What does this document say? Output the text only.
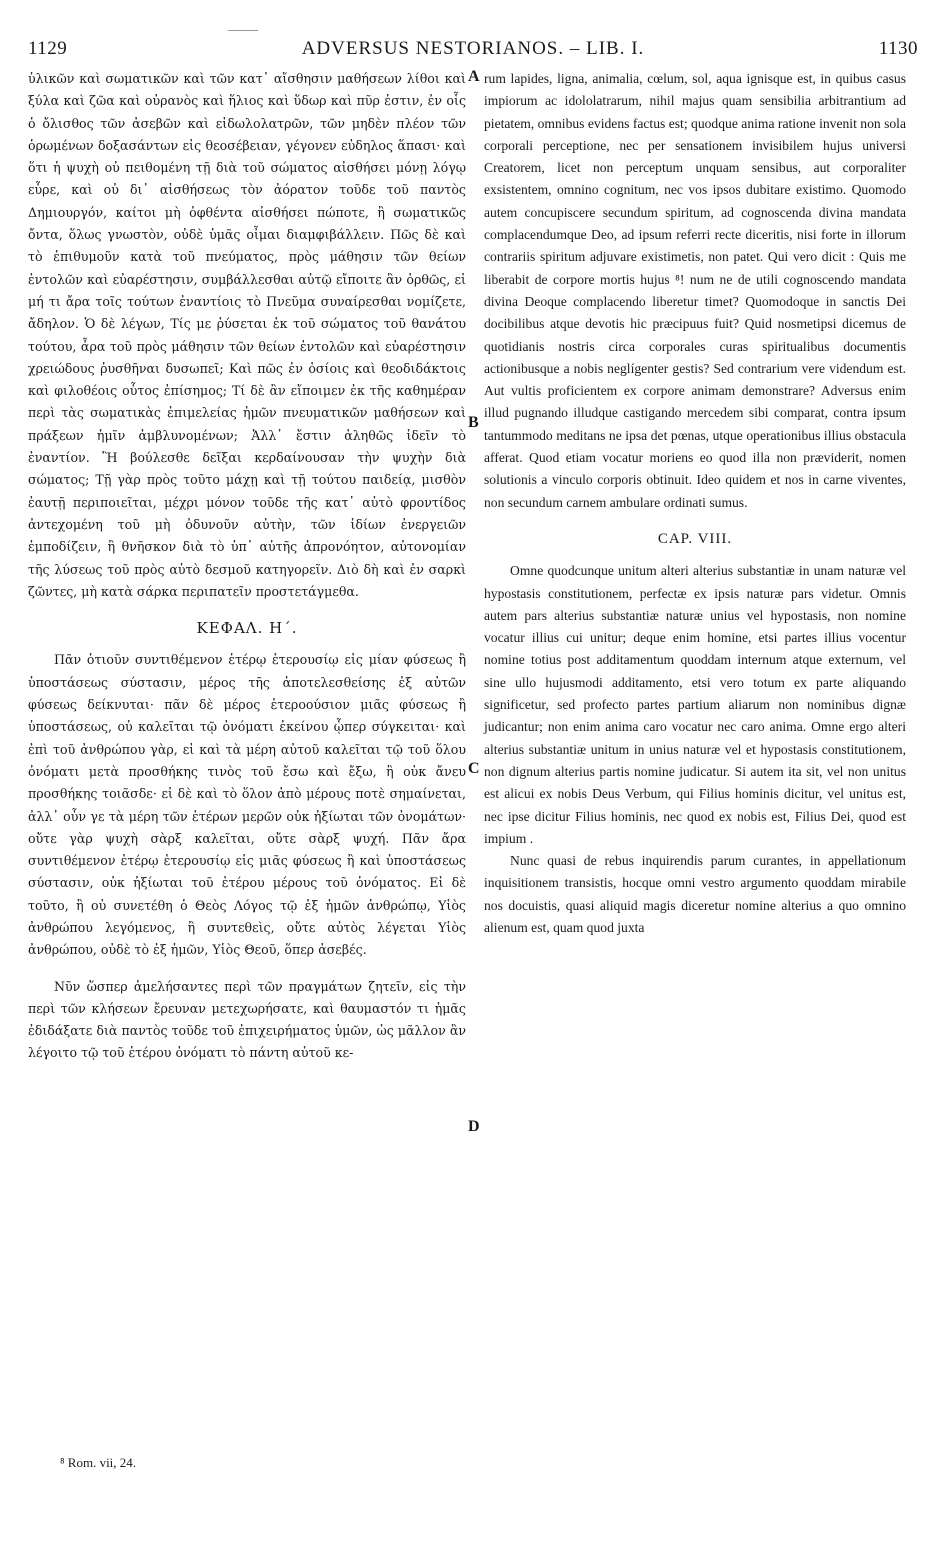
1129	ADVERSUS NESTORIANOS. – LIB. I.	1130

ὑλικῶν καὶ σωματικῶν καὶ τῶν κατ᾽ αἴσθησιν μαθήσεων λίθοι καὶ ξύλα καὶ ζῶα καὶ οὐρανὸς καὶ ἥλιος καὶ ὕδωρ καὶ πῦρ ἐστιν, ἐν οἷς ὁ ὄλισθος τῶν ἀσεβῶν καὶ εἰδωλολατρῶν, τῶν μηδὲν πλέον τῶν ὁρωμένων δοξασάντων εἰς θεοσέβειαν, γέγονεν εὐδηλος ἅπασι· καὶ ὅτι ἡ ψυχὴ οὐ πειθομένη τῇ διὰ τοῦ σώματος αἰσθήσει μόνῃ λόγῳ εὗρε, καὶ οὐ δι᾽ αἰσθήσεως τὸν ἀόρατον τοῦδε τοῦ παντὸς Δημιουργόν, καίτοι μὴ ὀφθέντα αἰσθήσει πώποτε, ἢ σωματικῶς ὄντα, ὅλως γνωστὸν, οὐδὲ ὑμᾶς οἶμαι διαμφιβάλλειν. Πῶς δὲ καὶ τὸ ἐπιθυμοῦν κατὰ τοῦ πνεύματος, πρὸς μάθησιν τῶν θείων ἐντολῶν καὶ εὐαρέστησιν, συμβάλλεσθαι αὐτῷ εἴποιτε ἂν ὀρθῶς, εἰ μή τι ἄρα τοῖς τούτων ἐναντίοις τὸ Πνεῦμα συναίρεσθαι νομίζετε, ἄδηλον. Ὁ δὲ λέγων, Τίς με ῥύσεται ἐκ τοῦ σώματος τοῦ θανάτου τούτου, ἆρα τοῦ πρὸς μάθησιν τῶν θείων ἐντολῶν καὶ εὐαρέστησιν χρειώδους ῥυσθῆναι δυσωπεῖ; Καὶ πῶς ἐν ὁσίοις καὶ θεοδιδάκτοις καὶ φιλοθέοις οὗτος ἐπίσημος; Τί δὲ ἂν εἴποιμεν ἐκ τῆς καθημέραν περὶ τὰς σωματικὰς ἐπιμελείας ἡμῶν πνευματικῶν μαθήσεων καὶ πράξεων ἡμῖν ἀμβλυνομένων; Ἀλλ᾽ ἔστιν ἀληθῶς ἰδεῖν τὸ ἐναντίον. Ἢ βούλεσθε δεῖξαι κερδαίνουσαν τὴν ψυχὴν διὰ σώματος; Τῇ γὰρ πρὸς τοῦτο μάχῃ καὶ τῇ τούτου παιδείᾳ, μισθὸν ἑαυτῇ περιποιεῖται, μέχρι μόνον τοῦδε τῆς κατ᾽ αὐτὸ φροντίδος ἀντεχομένη τοῦ μὴ ὀδυνοῦν αὐτὴν, τῶν ἰδίων ἐνεργειῶν ἐμποδίζειν, ἢ θνῆσκον διὰ τὸ ὑπ᾽ αὐτῆς ἀπρονόητον, αὐτονομίαν τῆς λύσεως τοῦ πρὸς αὐτὸ δεσμοῦ κατηγορεῖν. Διὸ δὴ καὶ ἐν σαρκὶ ζῶντες, μὴ κατὰ σάρκα περιπατεῖν προστετάγμεθα.

ΚΕΦΑΛ. Η΄.

Πᾶν ὁτιοῦν συντιθέμενον ἑτέρῳ ἑτερουσίῳ εἰς μίαν φύσεως ἢ ὑποστάσεως σύστασιν, μέρος τῆς ἀποτελεσθείσης ἐξ αὐτῶν φύσεως δείκνυται· πᾶν δὲ μέρος ἑτεροούσιον μιᾶς φύσεως ἢ ὑποστάσεως, οὐ καλεῖται τῷ ὀνόματι ἐκείνου ᾧπερ σύγκειται· καὶ ἐπὶ τοῦ ἀνθρώπου γὰρ, εἰ καὶ τὰ μέρη αὐτοῦ καλεῖται τῷ τοῦ ὅλου ὀνόματι μετὰ προσθήκης τινὸς τοῦ ἔσω καὶ ἔξω, ἢ οὐκ ἄνευ προσθήκης τοιᾶσδε· εἰ δὲ καὶ τὸ ὅλον ἀπὸ μέρους ποτὲ σημαίνεται, ἀλλ᾽ οὖν γε τὰ μέρη τῶν ἑτέρων μερῶν οὐκ ἠξίωται τῶν ὀνομάτων· οὔτε γὰρ ψυχὴ σὰρξ καλεῖται, οὔτε σὰρξ ψυχή. Πᾶν ἄρα συντιθέμενον ἑτέρῳ ἑτερουσίῳ εἰς μιᾶς φύσεως ἢ καὶ ὑποστάσεως σύστασιν, οὐκ ἠξίωται τοῦ ἑτέρου μέρους τοῦ ὀνόματος. Εἰ δὲ τοῦτο, ἢ οὐ συνετέθη ὁ Θεὸς Λόγος τῷ ἐξ ἡμῶν ἀνθρώπῳ, Υἱὸς ἀνθρώπου λεγόμενος, ἢ συντεθεὶς, οὔτε αὐτὸς λέγεται Υἱὸς ἀνθρώπου, οὐδὲ τὸ ἐξ ἡμῶν, Υἱὸς Θεοῦ, ὅπερ ἀσεβές.

Νῦν ὥσπερ ἀμελήσαντες περὶ τῶν πραγμάτων ζητεῖν, εἰς τὴν περὶ τῶν κλήσεων ἔρευναν μετεχωρήσατε, καὶ θαυμαστόν τι ἡμᾶς ἐδιδάξατε διὰ παντὸς τοῦδε τοῦ ἐπιχειρήματος ὑμῶν, ὡς μᾶλλον ἂν λέγοιτο τῷ τοῦ ἑτέρου ὀνόματι τὸ πάντη αὐτοῦ κε-

rum lapides, ligna, animalia, cœlum, sol, aqua ignisque est, in quibus casus impiorum ac idololatrarum, nihil majus quam sensibilia arbitrantium ad pietatem, omnibus evidens factus est; quodque anima ratione invenit non sola corporali perceptione, nec per sensationem invisibilem hujus universi Creatorem, licet non perceptum unquam sensibus, aut corporaliter exsistentem, omnino cognitum, nec vos ipsos dubitare existimo. Quomodo autem concupiscere secundum spiritum, ad cognoscenda divina mandata complacendumque Deo, ad ipsum referri recte diceritis, nisi forte in illorum contrariis spiritum adjuvare existimetis, non patet. Qui vero dicit : Quis me liberabit de corpore mortis hujus ⁸! num ne de utili cognoscendo mandata divina Deoque complacendo liberetur timet? Quomodoque in sanctis Dei docibilibus atque devotis hic præcipuus fuit? Quid nosmetipsi dicemus de quotidianis nostris circa corporales curas spiritualibus documentis actionibusque a nobis neglígenter gestis? Sed contrarium vere videndum est. Aut vultis proficientem ex corpore animam demonstrare? Adversus enim illud pugnando illudque castigando mercedem sibi comparat, contra ipsum tantummodo meditans ne ipsa det pœnas, utque operationibus illius obstacula afferat. Quod etiam vocatur moriens eo quod illa non præviderit, nomen solutionis a vinculo corporis obtinuit. Ideo quidem et nos in carne viventes, non secundum carnem ambulare ordinati sumus.

CAP. VIII.

Omne quodcunque unitum alteri alterius substantiæ in unam naturæ vel hypostasis constitutionem, perfectæ ex ipsis naturæ pars videtur. Omnis autem pars alterius substantiæ naturæ unius vel hypostasis, non nomine vocatur illius cui unitur; deque enim homine, etsi partes illius vocentur nomine totius post additamentum quoddam internum atque externum, vel sine ullo hujusmodi additamento, etsi vero totum ex parte aliquando significetur, sed profecto partes partium aliarum non nominibus dignæ judicantur; non enim anima caro vocatur nec caro anima. Omne ergo alteri alterius substantiæ unitum in unius naturæ vel et hypostasis constitutionem, non dignum alterius partis nomine judicatur. Si autem ita sit, vel non unitus est alicui ex nobis Deus Verbum, qui Filius hominis dicitur, vel unitus est, nec ipse dicitur Filius hominis, nec quod ex nobis est, Filius Dei, quod est impium .

Nunc quasi de rebus inquirendis parum curantes, in appellationum inquisitionem transistis, hocque omni vestro argumento quoddam mirabile nos docuistis, quasi aliquid magis diceretur nomine alterius a quo omnino alienum est, quam quod juxta

A
B
C
D
⁸ Rom. vii, 24.
